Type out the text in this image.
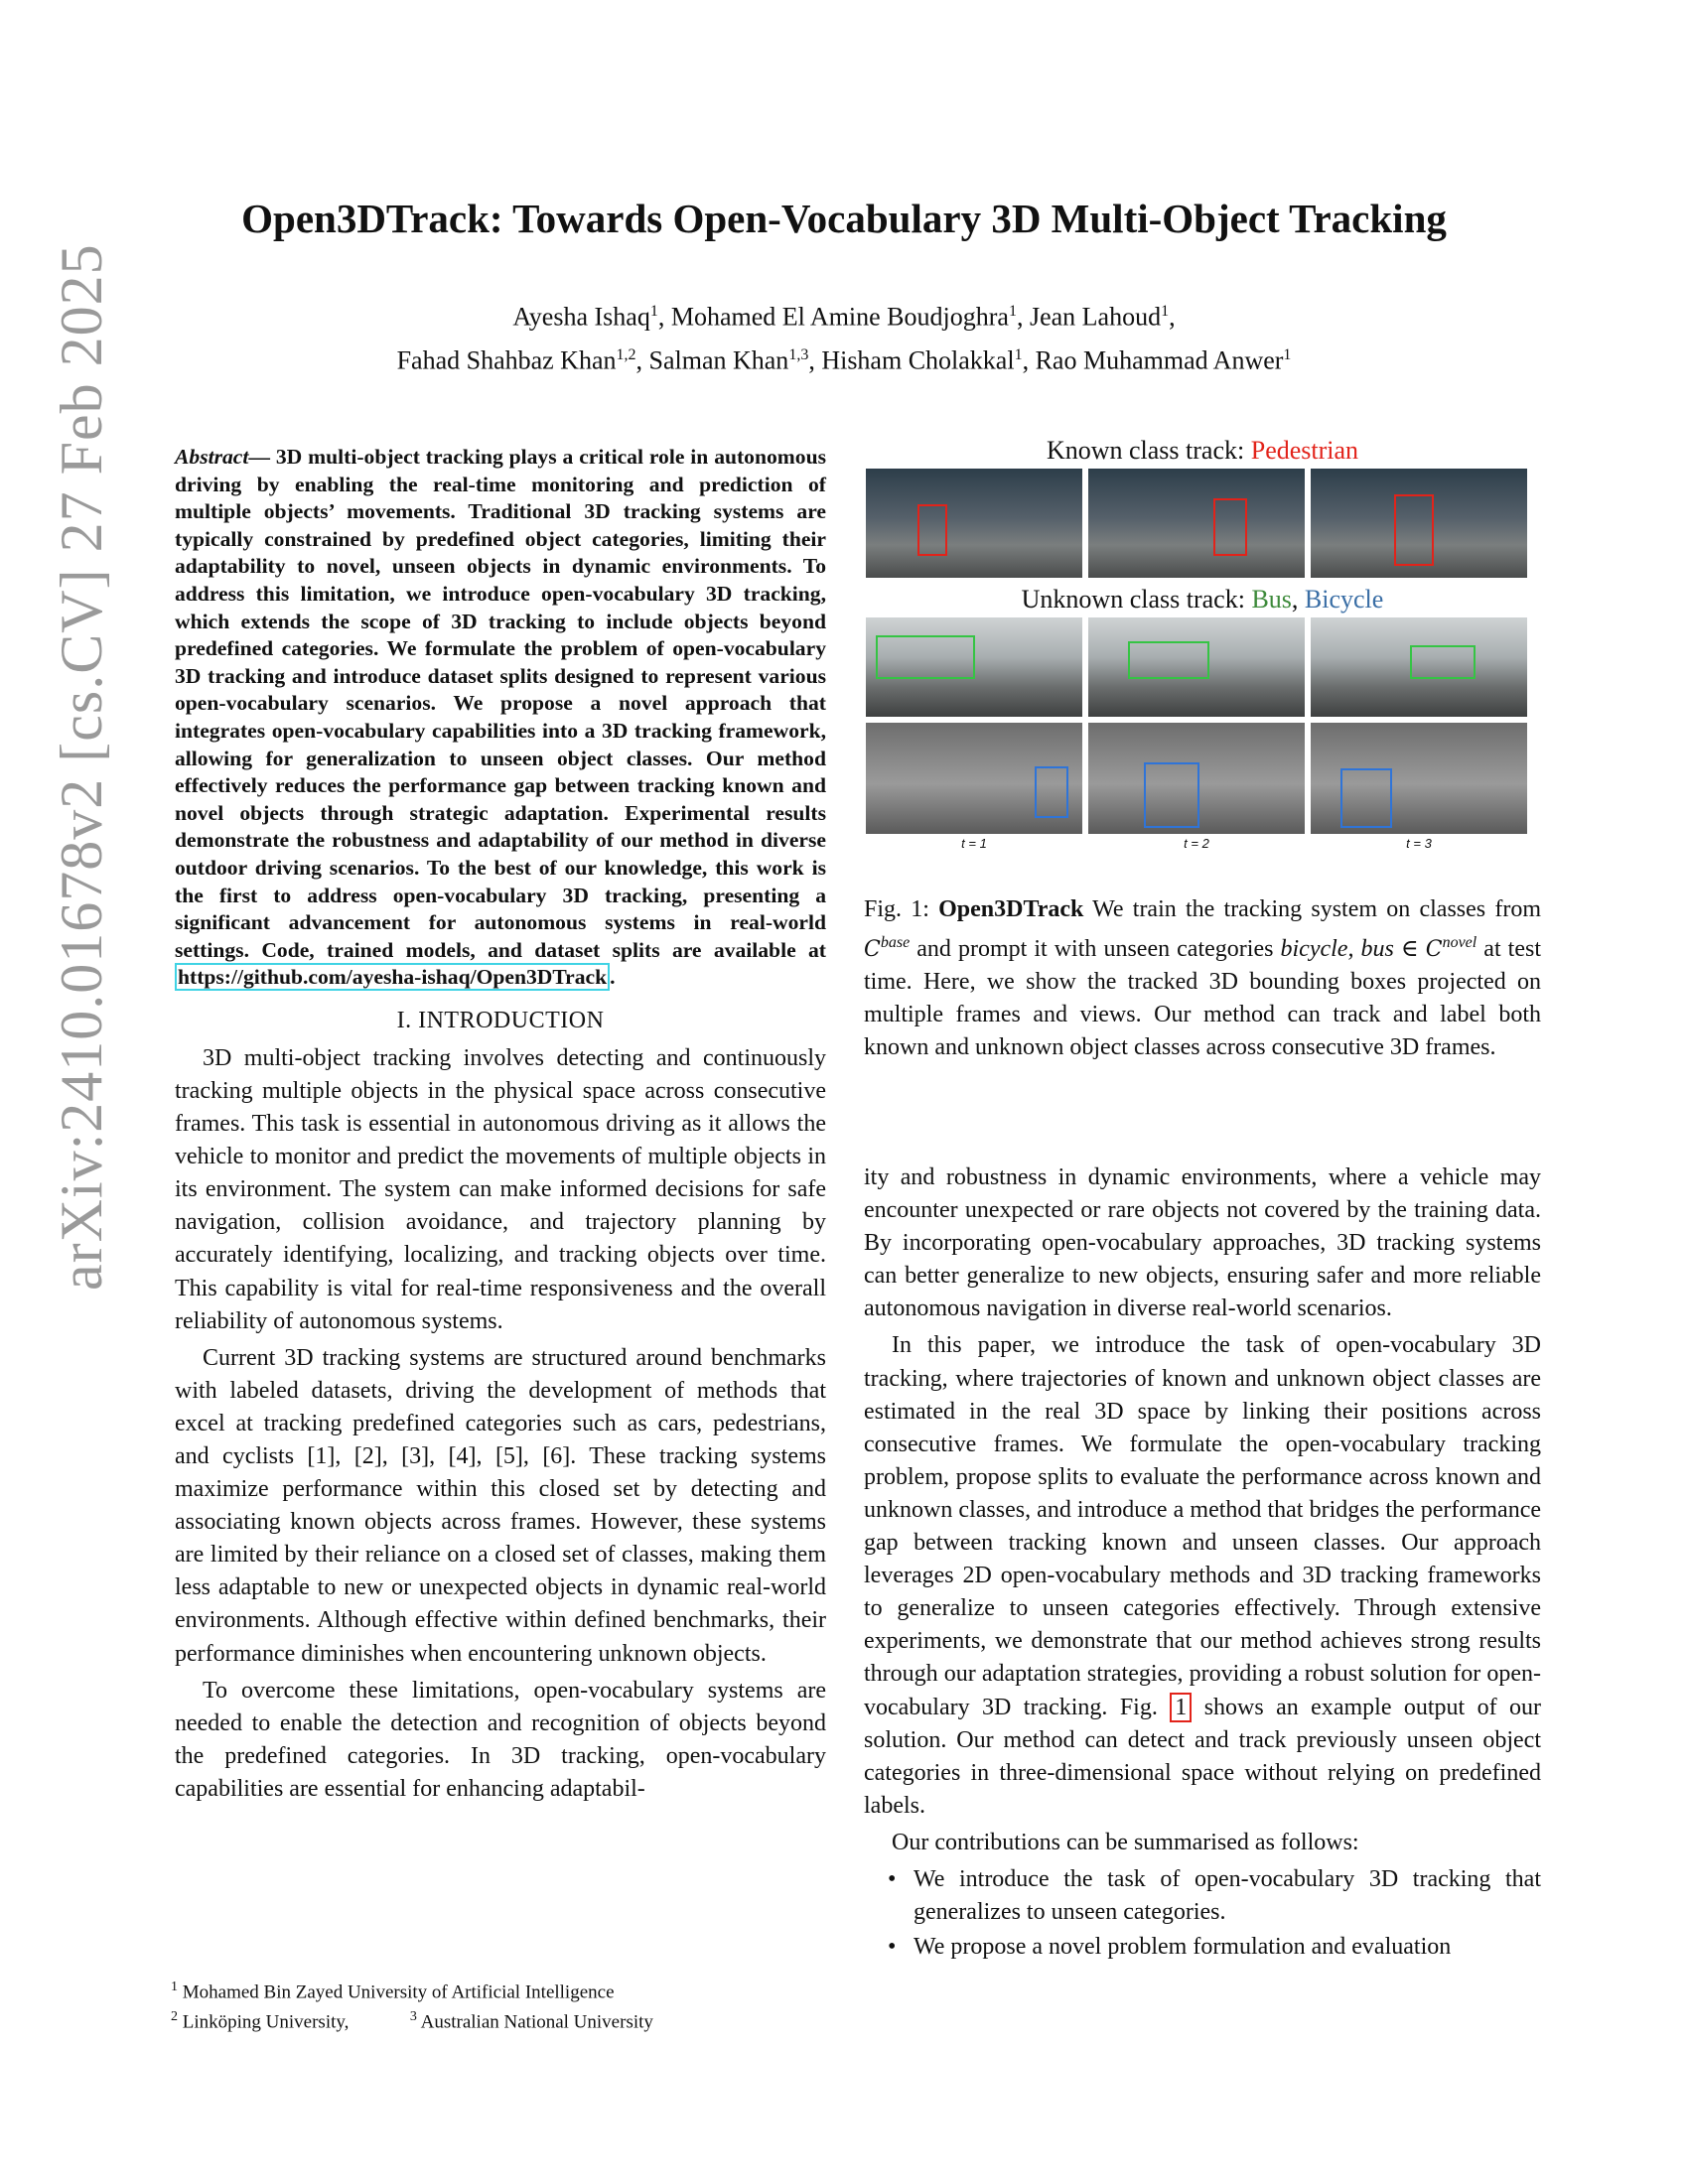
arXiv:2410.01678v2 [cs.CV] 27 Feb 2025
Open3DTrack: Towards Open-Vocabulary 3D Multi-Object Tracking
Ayesha Ishaq$^1$, Mohamed El Amine Boudjoghra$^1$, Jean Lahoud$^1$,
Fahad Shahbaz Khan$^{1,2}$, Salman Khan$^{1,3}$, Hisham Cholakkal$^1$, Rao Muhammad Anwer$^1$
Abstract— 3D multi-object tracking plays a critical role in autonomous driving by enabling the real-time monitoring and prediction of multiple objects’ movements. Traditional 3D tracking systems are typically constrained by predefined object categories, limiting their adaptability to novel, unseen objects in dynamic environments. To address this limitation, we introduce open-vocabulary 3D tracking, which extends the scope of 3D tracking to include objects beyond predefined categories. We formulate the problem of open-vocabulary 3D tracking and introduce dataset splits designed to represent various open-vocabulary scenarios. We propose a novel approach that integrates open-vocabulary capabilities into a 3D tracking framework, allowing for generalization to unseen object classes. Our method effectively reduces the performance gap between tracking known and novel objects through strategic adaptation. Experimental results demonstrate the robustness and adaptability of our method in diverse outdoor driving scenarios. To the best of our knowledge, this work is the first to address open-vocabulary 3D tracking, presenting a significant advancement for autonomous systems in real-world settings. Code, trained models, and dataset splits are available at https://github.com/ayesha-ishaq/Open3DTrack .
I. INTRODUCTION

3D multi-object tracking involves detecting and continuously tracking multiple objects in the physical space across consecutive frames. This task is essential in autonomous driving as it allows the vehicle to monitor and predict the movements of multiple objects in its environment. The system can make informed decisions for safe navigation, collision avoidance, and trajectory planning by accurately identifying, localizing, and tracking objects over time. This capability is vital for real-time responsiveness and the overall reliability of autonomous systems.

Current 3D tracking systems are structured around benchmarks with labeled datasets, driving the development of methods that excel at tracking predefined categories such as cars, pedestrians, and cyclists [1], [2], [3], [4], [5], [6]. These tracking systems maximize performance within this closed set by detecting and associating known objects across frames. However, these systems are limited by their reliance on a closed set of classes, making them less adaptable to new or unexpected objects in dynamic real-world environments. Although effective within defined benchmarks, their performance diminishes when encountering unknown objects.

To overcome these limitations, open-vocabulary systems are needed to enable the detection and recognition of objects beyond the predefined categories. In 3D tracking, open-vocabulary capabilities are essential for enhancing adaptabil-

$^1$ Mohamed Bin Zayed University of Artificial Intelligence
$^2$ Linköping University,	$^3$ Australian National University
Known class track: Pedestrian
Unknown class track: Bus, Bicycle
t = 1	t = 2	t = 3
Fig. 1: Open3DTrack We train the tracking system on classes from $C^{base}$ and prompt it with unseen categories bicycle, bus ∈ $C^{novel}$ at test time. Here, we show the tracked 3D bounding boxes projected on multiple frames and views. Our method can track and label both known and unknown object classes across consecutive 3D frames.

ity and robustness in dynamic environments, where a vehicle may encounter unexpected or rare objects not covered by the training data. By incorporating open-vocabulary approaches, 3D tracking systems can better generalize to new objects, ensuring safer and more reliable autonomous navigation in diverse real-world scenarios.

In this paper, we introduce the task of open-vocabulary 3D tracking, where trajectories of known and unknown object classes are estimated in the real 3D space by linking their positions across consecutive frames. We formulate the open-vocabulary tracking problem, propose splits to evaluate the performance across known and unknown classes, and introduce a method that bridges the performance gap between tracking known and unseen classes. Our approach leverages 2D open-vocabulary methods and 3D tracking frameworks to generalize to unseen categories effectively. Through extensive experiments, we demonstrate that our method achieves strong results through our adaptation strategies, providing a robust solution for open-vocabulary 3D tracking. Fig. 1 shows an example output of our solution. Our method can detect and track previously unseen object categories in three-dimensional space without relying on predefined labels.

Our contributions can be summarised as follows:

• We introduce the task of open-vocabulary 3D tracking that generalizes to unseen categories.
• We propose a novel problem formulation and evaluation
